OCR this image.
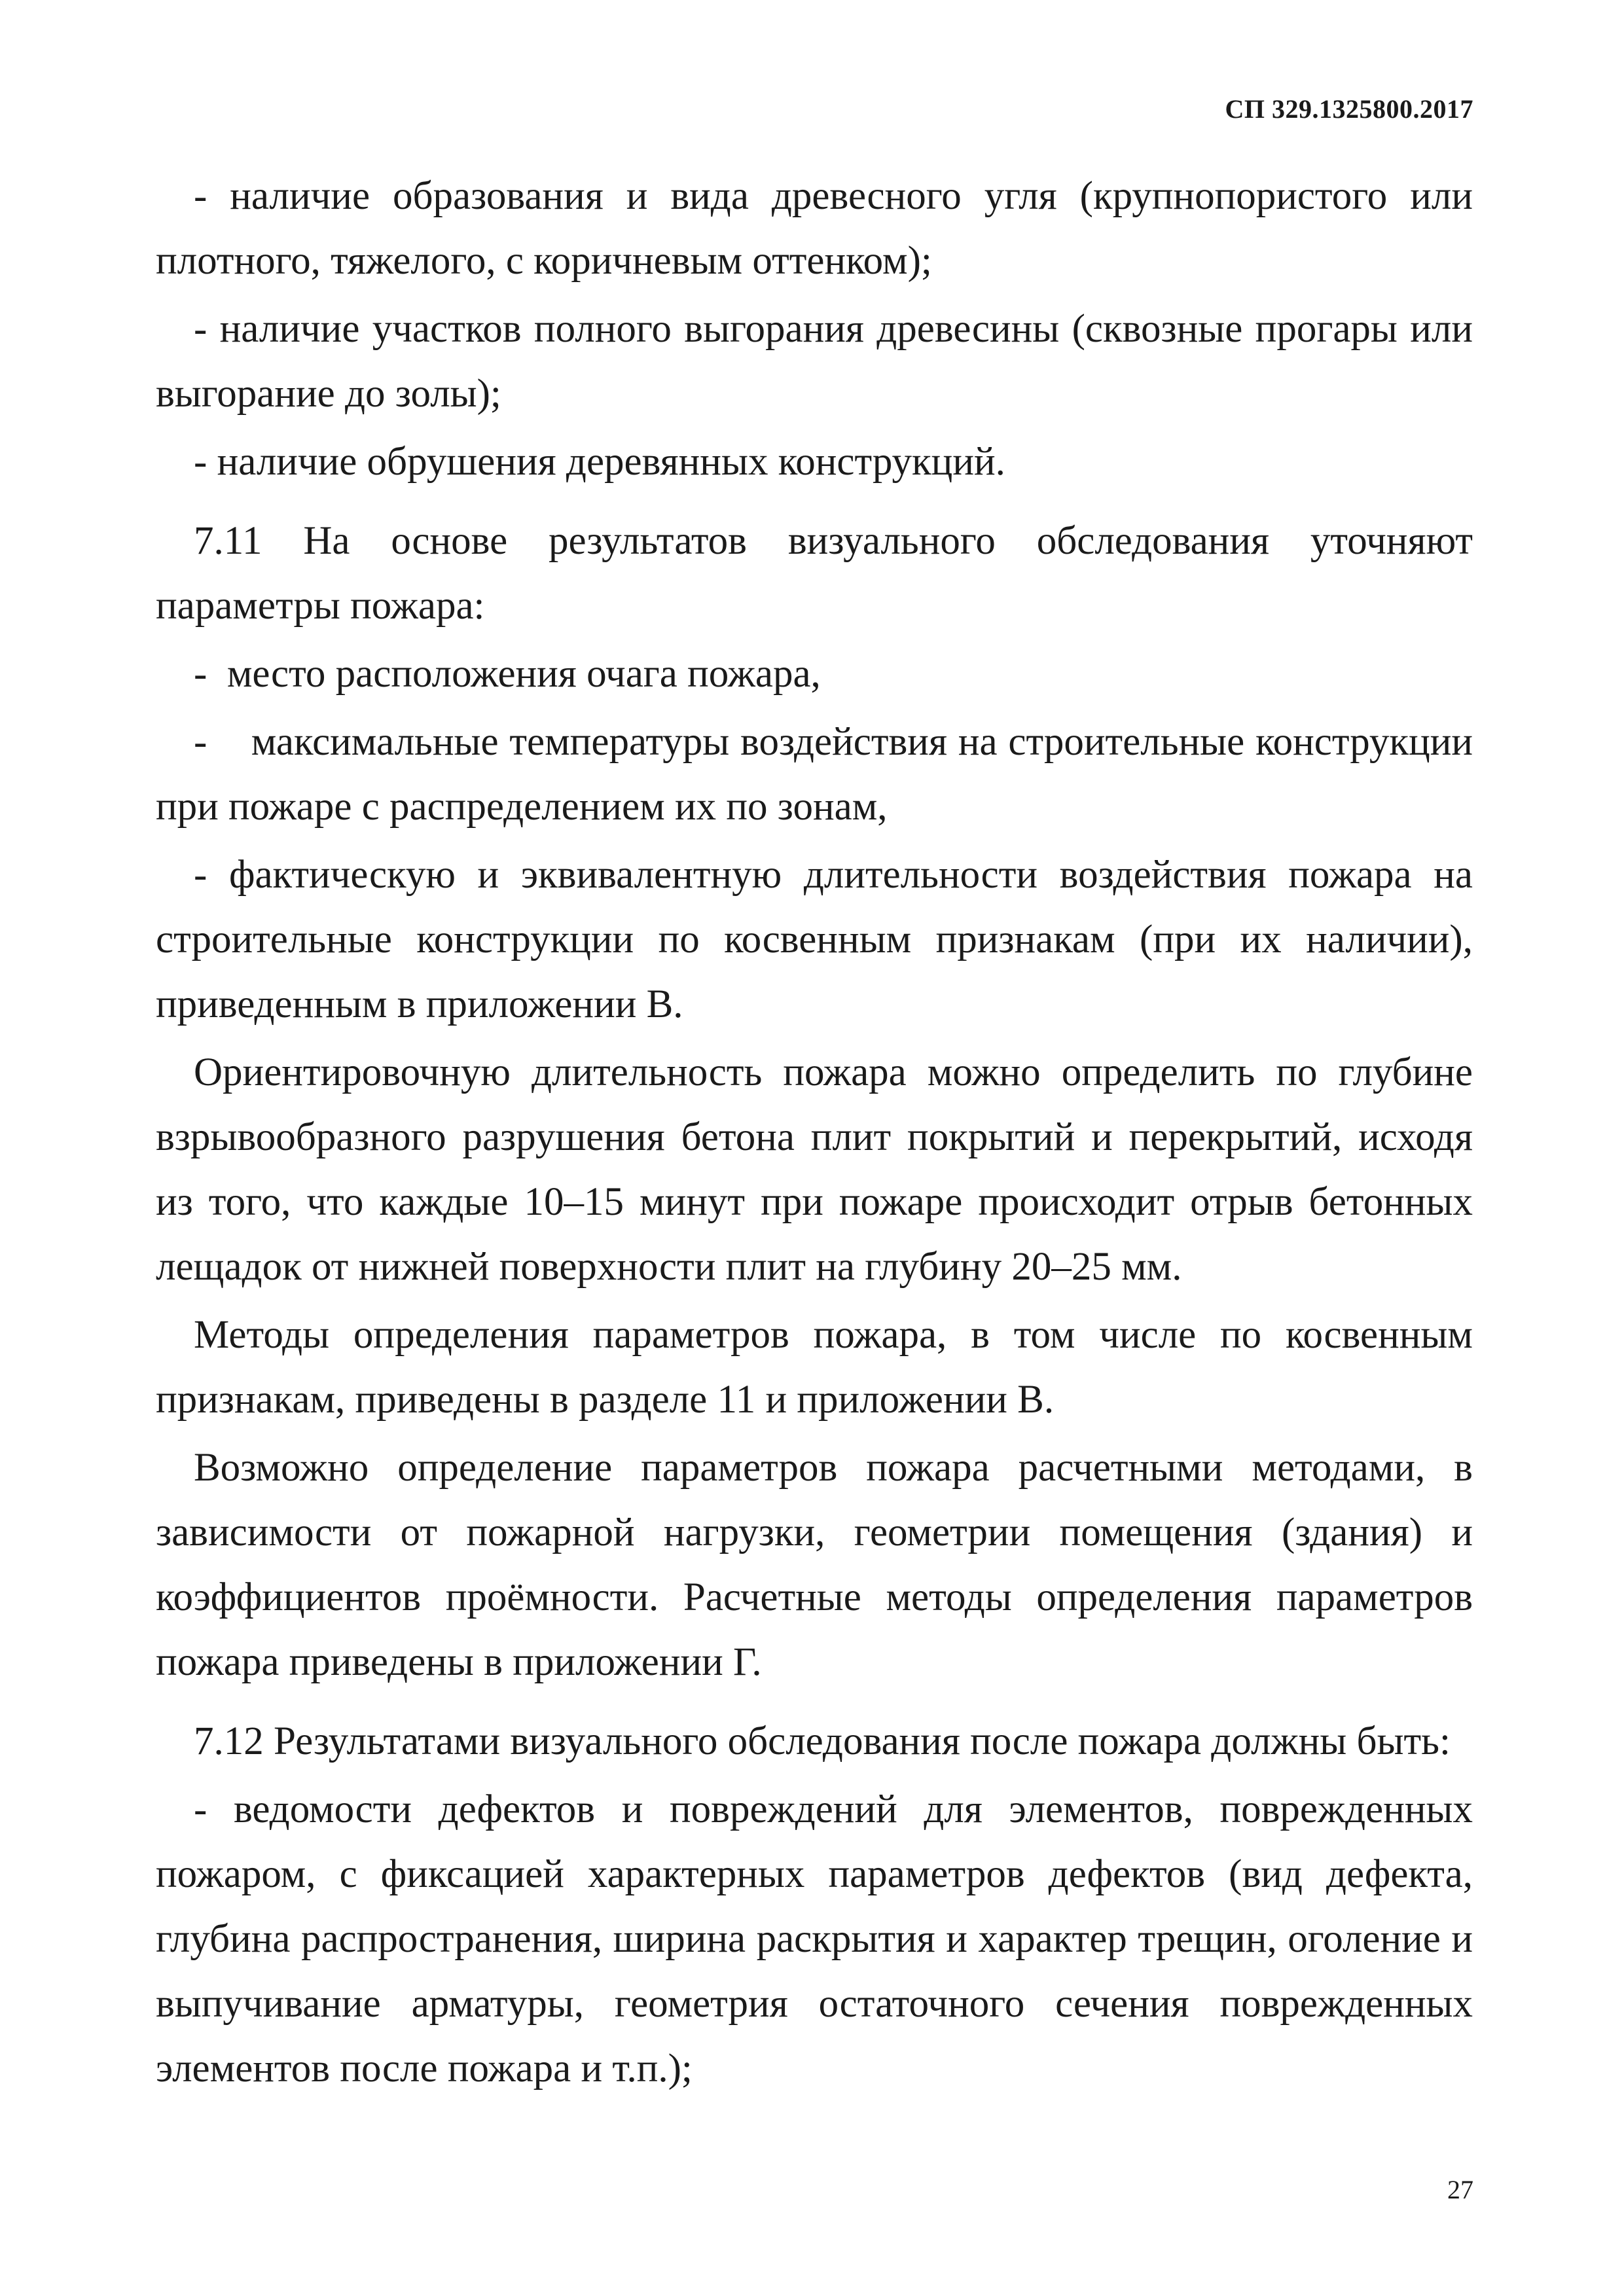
СП 329.1325800.2017

- наличие образования и вида древесного угля (крупнопористого или плотного, тяжелого, с коричневым оттенком);

- наличие участков полного выгорания древесины (сквозные прогары или выгорание до золы);

- наличие обрушения деревянных конструкций.

7.11 На основе результатов визуального обследования уточняют параметры пожара:

-  место расположения очага пожара,

-    максимальные температуры воздействия на строительные конструкции при пожаре с распределением их по зонам,

- фактическую и эквивалентную длительности воздействия пожара на строительные конструкции по косвенным признакам (при их наличии), приведенным в приложении В.

Ориентировочную длительность пожара можно определить по глубине взрывообразного разрушения бетона плит покрытий и перекрытий, исходя из того, что каждые 10–15 минут при пожаре происходит отрыв бетонных лещадок от нижней поверхности плит на глубину 20–25 мм.

Методы определения параметров пожара, в том числе по косвенным признакам, приведены в разделе 11 и приложении В.

Возможно определение параметров пожара расчетными методами, в зависимости от пожарной нагрузки, геометрии помещения (здания) и коэффициентов проёмности. Расчетные методы определения параметров пожара приведены в приложении Г.

7.12 Результатами визуального обследования после пожара должны быть:

- ведомости дефектов и повреждений для элементов, поврежденных пожаром, с фиксацией характерных параметров дефектов (вид дефекта, глубина распространения, ширина раскрытия и характер трещин, оголение и выпучивание арматуры, геометрия остаточного сечения поврежденных элементов после пожара и т.п.);

27
